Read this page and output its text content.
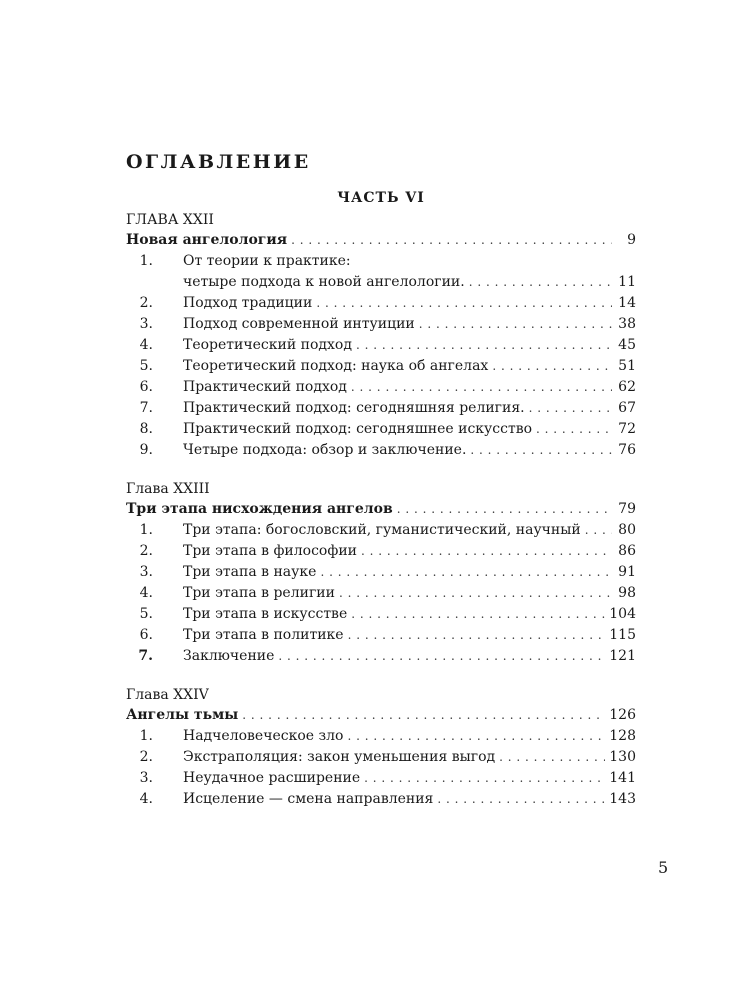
ОГЛАВЛЕНИЕ
ЧАСТЬ VI
ГЛАВА XXII
Новая ангелология . . .	9
1.	От теории к практике:
четыре подхода к новой ангелологии. . . .	11
2.	Подход традиции . . .	14
3.	Подход современной интуиции . . .	38
4.	Теоретический подход . . .	45
5.	Теоретический подход: наука об ангелах . . .	51
6.	Практический подход . . .	62
7.	Практический подход: сегодняшняя религия. . . .	67
8.	Практический подход: сегодняшнее искусство . . .	72
9.	Четыре подхода: обзор и заключение. . . .	76
Глава XXIII
Три этапа нисхождения ангелов . . .	79
1.	Три этапа: богословский, гуманистический, научный . . .	80
2.	Три этапа в философии . . .	86
3.	Три этапа в науке . . .	91
4.	Три этапа в религии . . .	98
5.	Три этапа в искусстве . . .	104
6.	Три этапа в политике . . .	115
7.	Заключение . . .	121
Глава XXIV
Ангелы тьмы . . .	126
1.	Надчеловеческое зло . . .	128
2.	Экстраполяция: закон уменьшения выгод . . .	130
3.	Неудачное расширение . . .	141
4.	Исцеление — смена направления . . .	143
5
